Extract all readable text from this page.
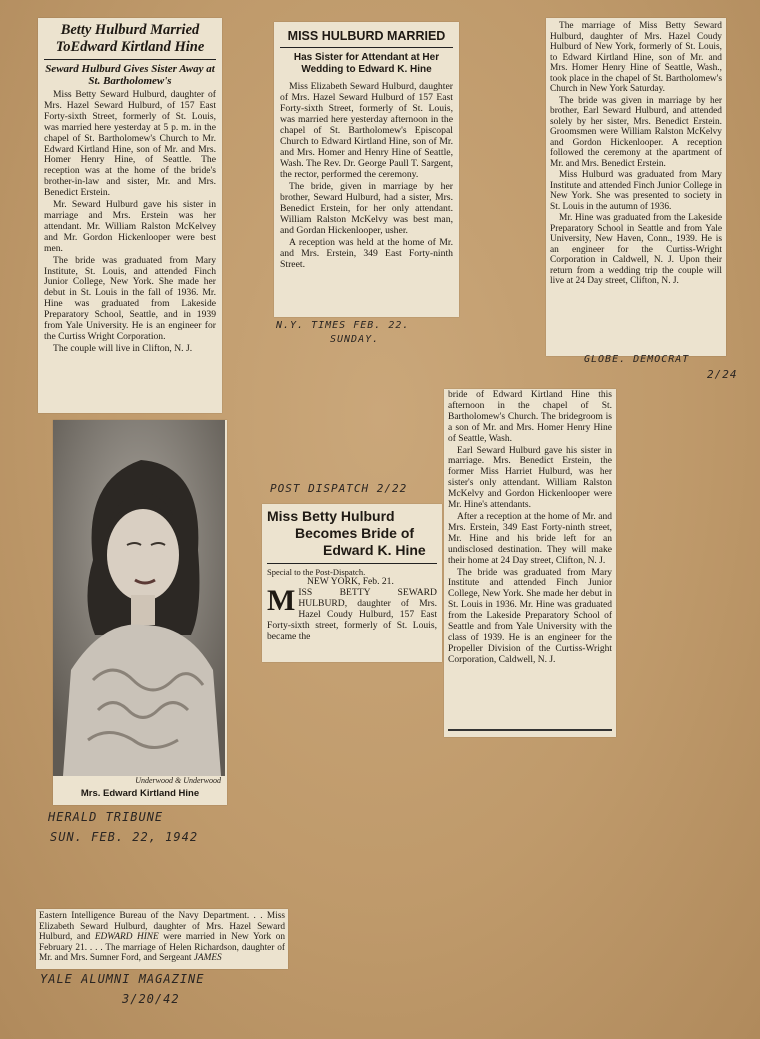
Betty Hulburd Married ToEdward Kirtland Hine
Seward Hulburd Gives Sister Away at St. Bartholomew's

Miss Betty Seward Hulburd, daughter of Mrs. Hazel Seward Hulburd, of 157 East Forty-sixth Street, formerly of St. Louis, was married here yesterday at 5 p. m. in the chapel of St. Bartholomew's Church to Mr. Edward Kirtland Hine, son of Mr. and Mrs. Homer Henry Hine, of Seattle. The reception was at the home of the bride's brother-in-law and sister, Mr. and Mrs. Benedict Erstein.

Mr. Seward Hulburd gave his sister in marriage and Mrs. Erstein was her attendant. Mr. William Ralston McKelvey and Mr. Gordon Hickenlooper were best men.

The bride was graduated from Mary Institute, St. Louis, and attended Finch Junior College, New York. She made her debut in St. Louis in the fall of 1936. Mr. Hine was graduated from Lakeside Preparatory School, Seattle, and in 1939 from Yale University. He is an engineer for the Curtiss Wright Corporation.

The couple will live in Clifton, N. J.

Underwood & Underwood
Mrs. Edward Kirtland Hine
MISS HULBURD MARRIED
Has Sister for Attendant at Her Wedding to Edward K. Hine

Miss Elizabeth Seward Hulburd, daughter of Mrs. Hazel Seward Hulburd of 157 East Forty-sixth Street, formerly of St. Louis, was married here yesterday afternoon in the chapel of St. Bartholomew's Episcopal Church to Edward Kirtland Hine, son of Mr. and Mrs. Homer and Henry Hine of Seattle, Wash. The Rev. Dr. George Paull T. Sargent, the rector, performed the ceremony.

The bride, given in marriage by her brother, Seward Hulburd, had a sister, Mrs. Benedict Erstein, for her only attendant. William Ralston McKelvy was best man, and Gordan Hickenlooper, usher.

A reception was held at the home of Mr. and Mrs. Erstein, 349 East Forty-ninth Street.

The marriage of Miss Betty Seward Hulburd, daughter of Mrs. Hazel Coudy Hulburd of New York, formerly of St. Louis, to Edward Kirtland Hine, son of Mr. and Mrs. Homer Henry Hine of Seattle, Wash., took place in the chapel of St. Bartholomew's Church in New York Saturday.

The bride was given in marriage by her brother, Earl Seward Hulburd, and attended solely by her sister, Mrs. Benedict Erstein. Groomsmen were William Ralston McKelvy and Gordon Hickenlooper. A reception followed the ceremony at the apartment of Mr. and Mrs. Benedict Erstein.

Miss Hulburd was graduated from Mary Institute and attended Finch Junior College in New York. She was presented to society in St. Louis in the autumn of 1936.

Mr. Hine was graduated from the Lakeside Preparatory School in Seattle and from Yale University, New Haven, Conn., 1939. He is an engineer for the Curtiss-Wright Corporation in Caldwell, N. J. Upon their return from a wedding trip the couple will live at 24 Day street, Clifton, N. J.

Miss Betty Hulburd
Becomes Bride of
Edward K. Hine
Special to the Post-Dispatch.
NEW YORK, Feb. 21.

MISS BETTY SEWARD HULBURD, daughter of Mrs. Hazel Coudy Hulburd, 157 East Forty-sixth street, formerly of St. Louis, became the

bride of Edward Kirtland Hine this afternoon in the chapel of St. Bartholomew's Church. The bridegroom is a son of Mr. and Mrs. Homer Henry Hine of Seattle, Wash.

Earl Seward Hulburd gave his sister in marriage. Mrs. Benedict Erstein, the former Miss Harriet Hulburd, was her sister's only attendant. William Ralston McKelvy and Gordon Hickenlooper were Mr. Hine's attendants.

After a reception at the home of Mr. and Mrs. Erstein, 349 East Forty-ninth street, Mr. Hine and his bride left for an undisclosed destination. They will make their home at 24 Day street, Clifton, N. J.

The bride was graduated from Mary Institute and attended Finch Junior College, New York. She made her debut in St. Louis in 1936. Mr. Hine was graduated from the Lakeside Preparatory School of Seattle and from Yale University with the class of 1939. He is an engineer for the Propeller Division of the Curtiss-Wright Corporation, Caldwell, N. J.

Eastern Intelligence Bureau of the Navy Department. . . Miss Elizabeth Seward Hulburd, daughter of Mrs. Hazel Seward Hulburd, and EDWARD HINE were married in New York on February 21. . . . The marriage of Helen Richardson, daughter of Mr. and Mrs. Sumner Ford, and Sergeant JAMES
N.Y. TIMES FEB. 22.
SUNDAY.
GLOBE. DEMOCRAT
2/24
POST DISPATCH 2/22
HERALD TRIBUNE
SUN. FEB. 22, 1942
YALE ALUMNI MAGAZINE
3/20/42
